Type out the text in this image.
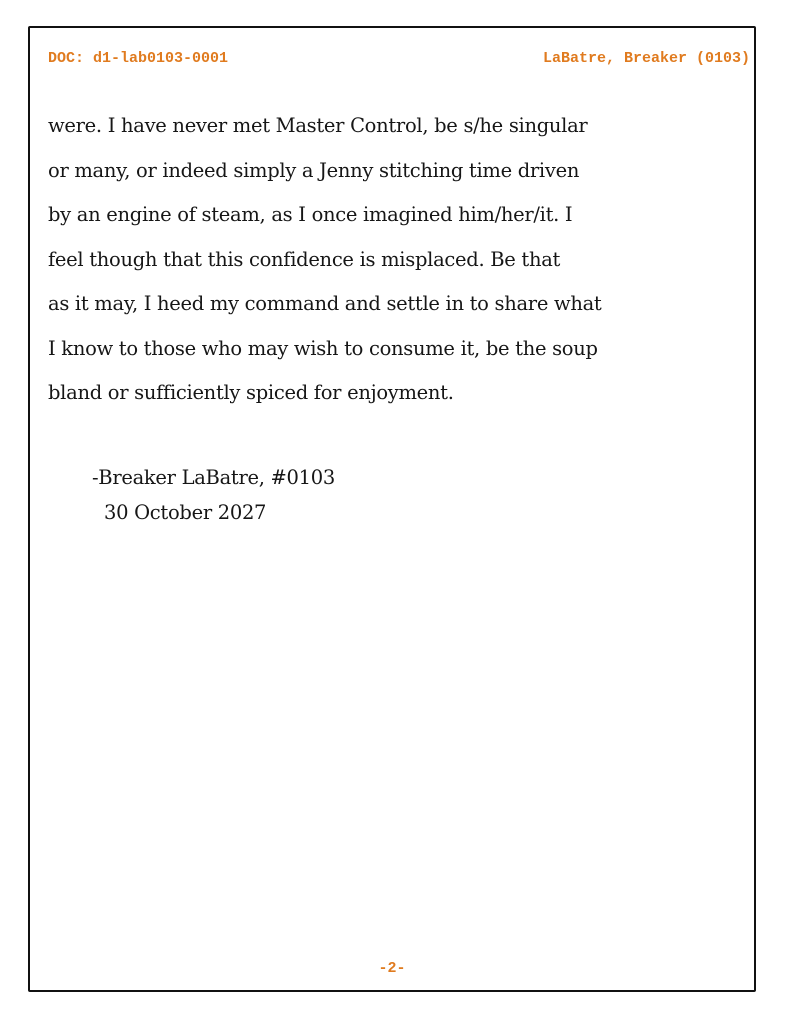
DOC: d1-lab0103-0001	LaBatre, Breaker (0103)

were. I have never met Master Control, be s/he singular
or many, or indeed simply a Jenny stitching time driven
by an engine of steam, as I once imagined him/her/it. I
feel though that this confidence is misplaced. Be that
as it may, I heed my command and settle in to share what
I know to those who may wish to consume it, be the soup
bland or sufficiently spiced for enjoyment.

-Breaker LaBatre, #0103
30 October 2027
-2-
